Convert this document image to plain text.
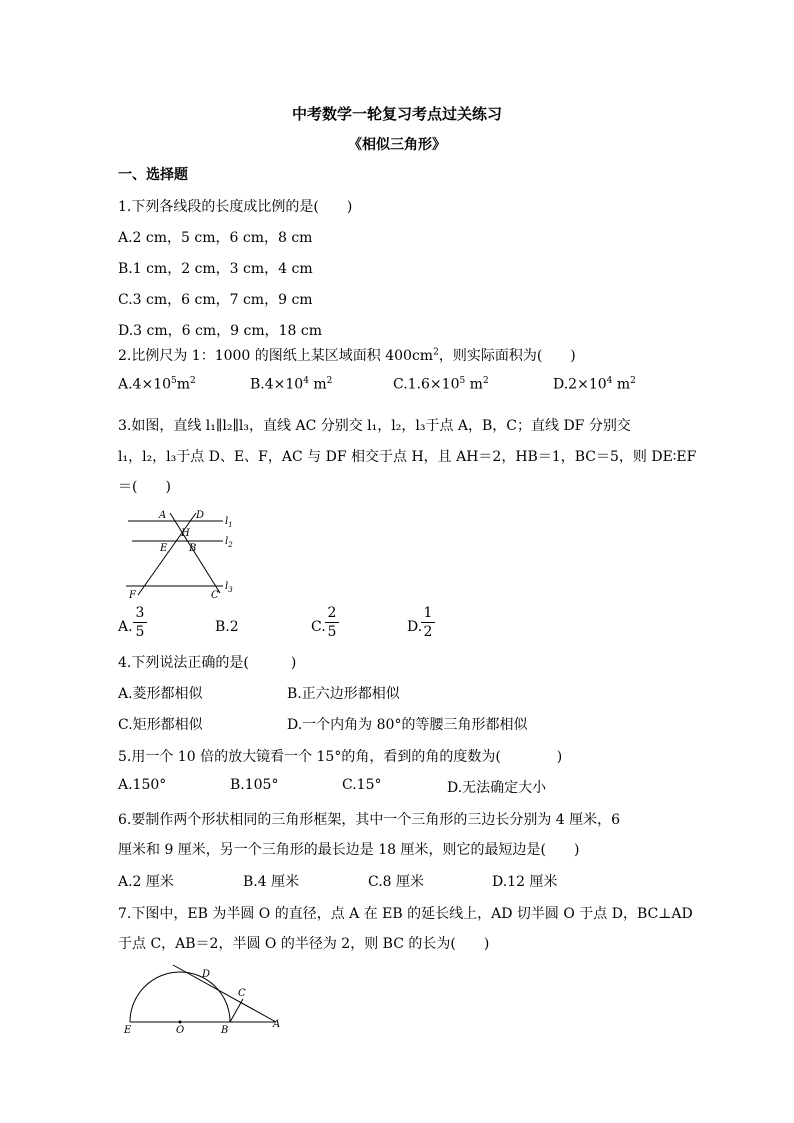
中考数学一轮复习考点过关练习
《相似三角形》
一、选择题
1.下列各线段的长度成比例的是(　　)
A.2 cm，5 cm，6 cm，8 cm
B.1 cm，2 cm，3 cm，4 cm
C.3 cm，6 cm，7 cm，9 cm
D.3 cm，6 cm，9 cm，18 cm
2.比例尺为 1：1000 的图纸上某区域面积 $400cm^2$，则实际面积为(　　)
$A.4\times 10^5m^2$	$B.4\times 10^4$ $m^2$	$C.1.6\times 10^5$ $m^2$	$D.2\times 10^4$ $m^2$
3.如图，直线 l₁∥l₂∥l₃，直线 AC 分别交 l₁，l₂，l₃于点 A，B，C；直线 DF 分别交
l₁，l₂，l₃于点 D、E、F，AC 与 DF 相交于点 H，且 AH＝2，HB＝1，BC＝5，则 DE∶EF
＝(　　)
A	D
H
E B
F	C
$l_1$
$l_2$
$l_3$
A.
3
5	B.2	C.
2
5	D.
1
2
4.下列说法正确的是(　　　)
A.菱形都相似	B.正六边形都相似
C.矩形都相似	D.一个内角为 80°的等腰三角形都相似
5.用一个 10 倍的放大镜看一个 15°的角，看到的角的度数为(　　　　)
A.150°	B.105°	C.15°	D.无法确定大小
6.要制作两个形状相同的三角形框架，其中一个三角形的三边长分别为 4 厘米，6
厘米和 9 厘米，另一个三角形的最长边是 18 厘米，则它的最短边是(　　)
A.2 厘米	B.4 厘米	C.8 厘米	D.12 厘米
7.下图中，EB 为半圆 O 的直径，点 A 在 EB 的延长线上，AD 切半圆 O 于点 D，BC⊥AD
于点 C，AB＝2，半圆 O 的半径为 2，则 BC 的长为(　　)
D
C
E	O	B
A
